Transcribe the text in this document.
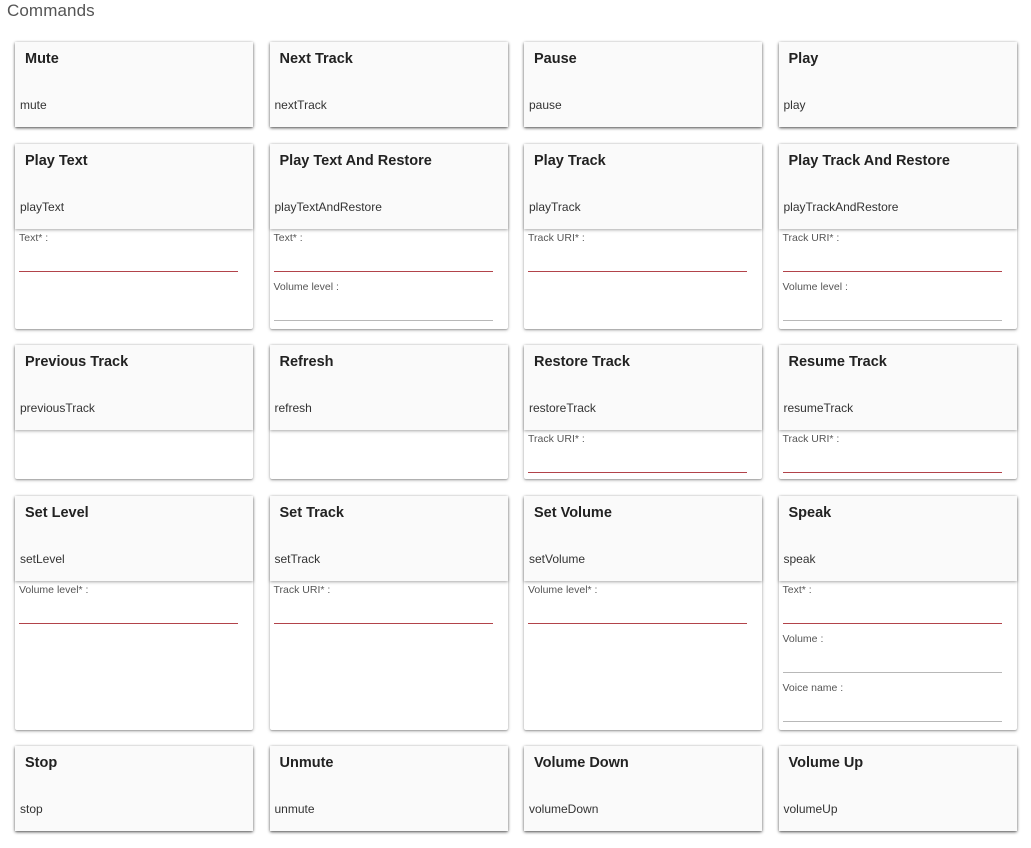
Commands
Mute
mute
Next Track
nextTrack
Pause
pause
Play
play
Play Text
playText
Text* :
Play Text And Restore
playTextAndRestore
Text* :
Volume level :
Play Track
playTrack
Track URI* :
Play Track And Restore
playTrackAndRestore
Track URI* :
Volume level :
Previous Track
previousTrack
Refresh
refresh
Restore Track
restoreTrack
Track URI* :
Resume Track
resumeTrack
Track URI* :
Set Level
setLevel
Volume level* :
Set Track
setTrack
Track URI* :
Set Volume
setVolume
Volume level* :
Speak
speak
Text* :
Volume :
Voice name :
Stop
stop
Unmute
unmute
Volume Down
volumeDown
Volume Up
volumeUp
